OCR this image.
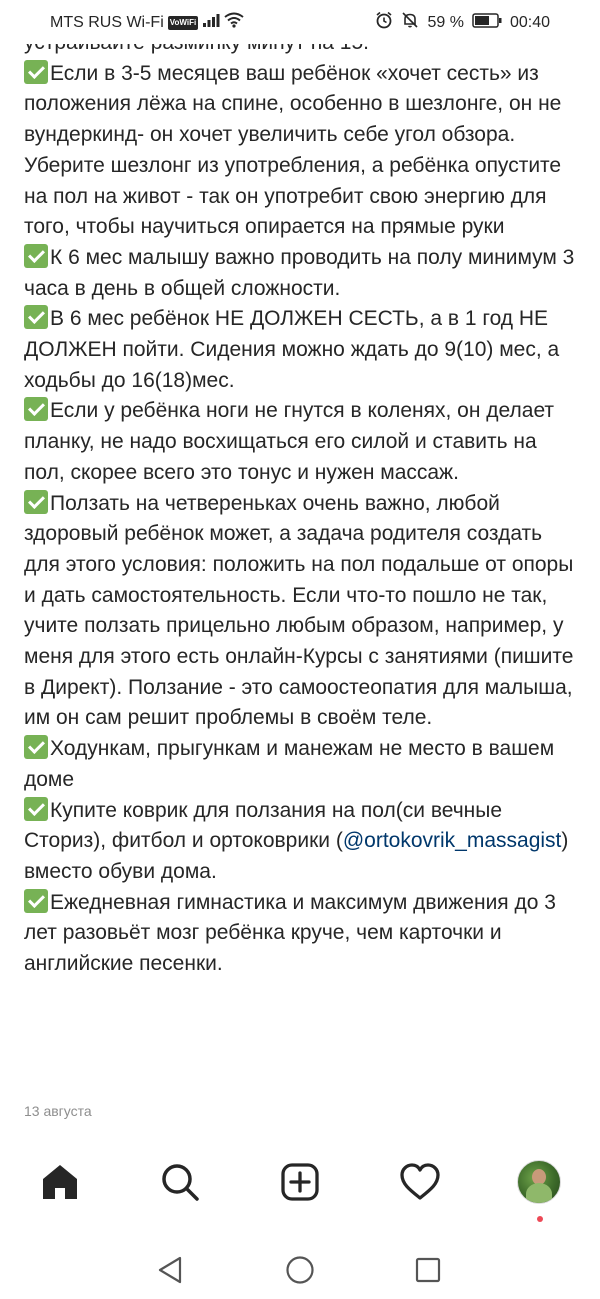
MTS RUS Wi-Fi VoWiFi	59 %	00:40

Если в 3-5 месяцев ваш ребёнок «хочет сесть» из положения лёжа на спине, особенно в шезлонге, он не вундеркинд- он хочет увеличить себе угол обзора. Уберите шезлонг из употребления, а ребёнка опустите на пол на живот - так он употребит свою энергию для того, чтобы научиться опирается на прямые руки

К 6 мес малышу важно проводить на полу минимум 3 часа в день в общей сложности.

В 6 мес ребёнок НЕ ДОЛЖЕН СЕСТЬ, а в 1 год НЕ ДОЛЖЕН пойти. Сидения можно ждать до 9(10) мес, а ходьбы до 16(18)мес.

Если у ребёнка ноги не гнутся в коленях, он делает планку, не надо восхищаться его силой и ставить на пол, скорее всего это тонус и нужен массаж.

Ползать на четвереньках очень важно, любой здоровый ребёнок может, а задача родителя создать для этого условия: положить на пол подальше от опоры и дать самостоятельность. Если что-то пошло не так, учите ползать прицельно любым образом, например, у меня для этого есть онлайн-Курсы с занятиями (пишите в Директ). Ползание - это самоостеопатия для малыша, им он сам решит проблемы в своём теле.

Ходункам, прыгункам и манежам не место в вашем доме

Купите коврик для ползания на пол(си вечные Сториз), фитбол и ортоковрики (@ortokovrik_massagist) вместо обуви дома.

Ежедневная гимнастика и максимум движения до 3 лет разовьёт мозг ребёнка круче, чем карточки и английские песенки.

13 августа
